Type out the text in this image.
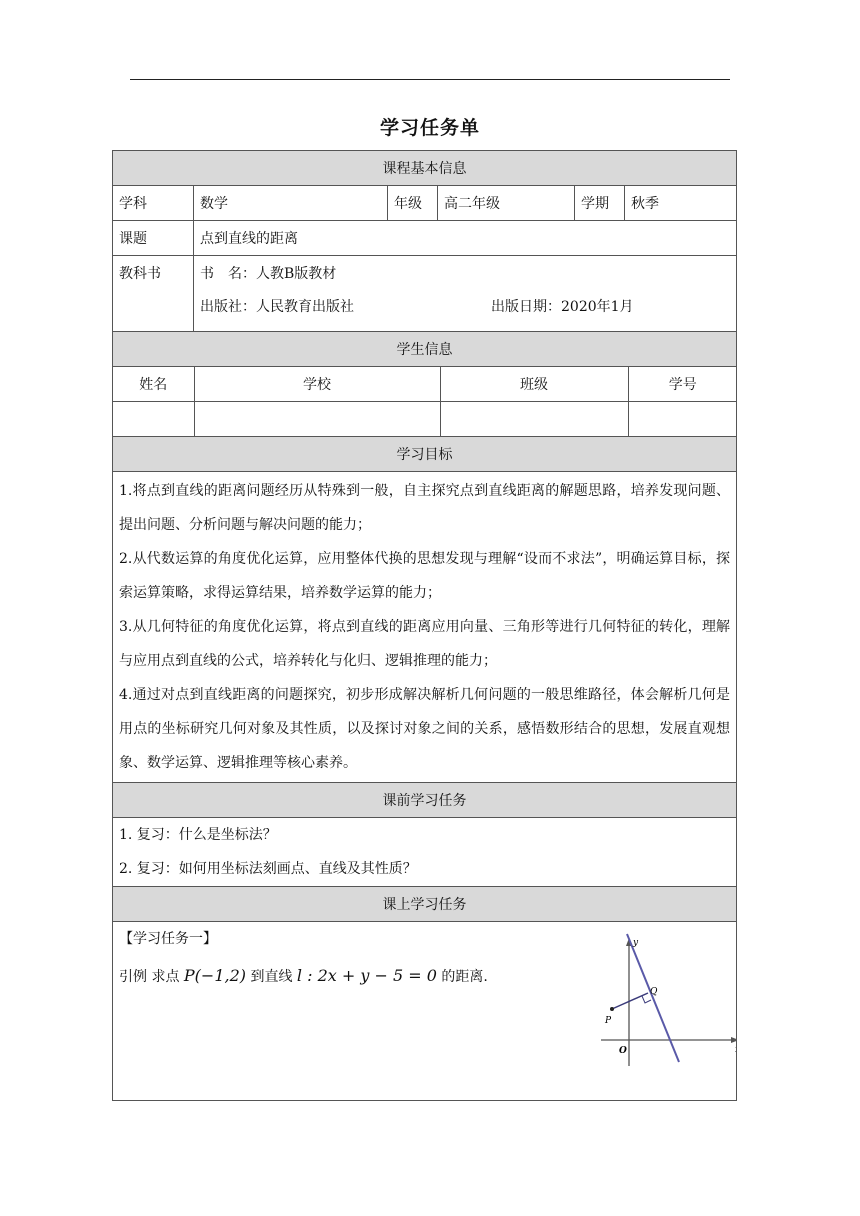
学习任务单
课程基本信息
学科	数学	年级	高二年级	学期	秋季
课题	点到直线的距离
教科书	书　名：人教B版教材
出版社：人民教育出版社	出版日期：2020年1月

学生信息

姓名	学校	班级	学号

学习目标

1.将点到直线的距离问题经历从特殊到一般，自主探究点到直线距离的解题思路，培养发现问题、提出问题、分析问题与解决问题的能力；

2.从代数运算的角度优化运算，应用整体代换的思想发现与理解“设而不求法”，明确运算目标，探索运算策略，求得运算结果，培养数学运算的能力；

3.从几何特征的角度优化运算，将点到直线的距离应用向量、三角形等进行几何特征的转化，理解与应用点到直线的公式，培养转化与化归、逻辑推理的能力；

4.通过对点到直线距离的问题探究，初步形成解决解析几何问题的一般思维路径，体会解析几何是用点的坐标研究几何对象及其性质，以及探讨对象之间的关系，感悟数形结合的思想，发展直观想象、数学运算、逻辑推理等核心素养。

课前学习任务

1. 复习：什么是坐标法？

2. 复习：如何用坐标法刻画点、直线及其性质？

课上学习任务

【学习任务一】
引例 求点 P(−1,2) 到直线 l : 2x + y − 5 = 0 的距离.
y
x
O
P
Q
